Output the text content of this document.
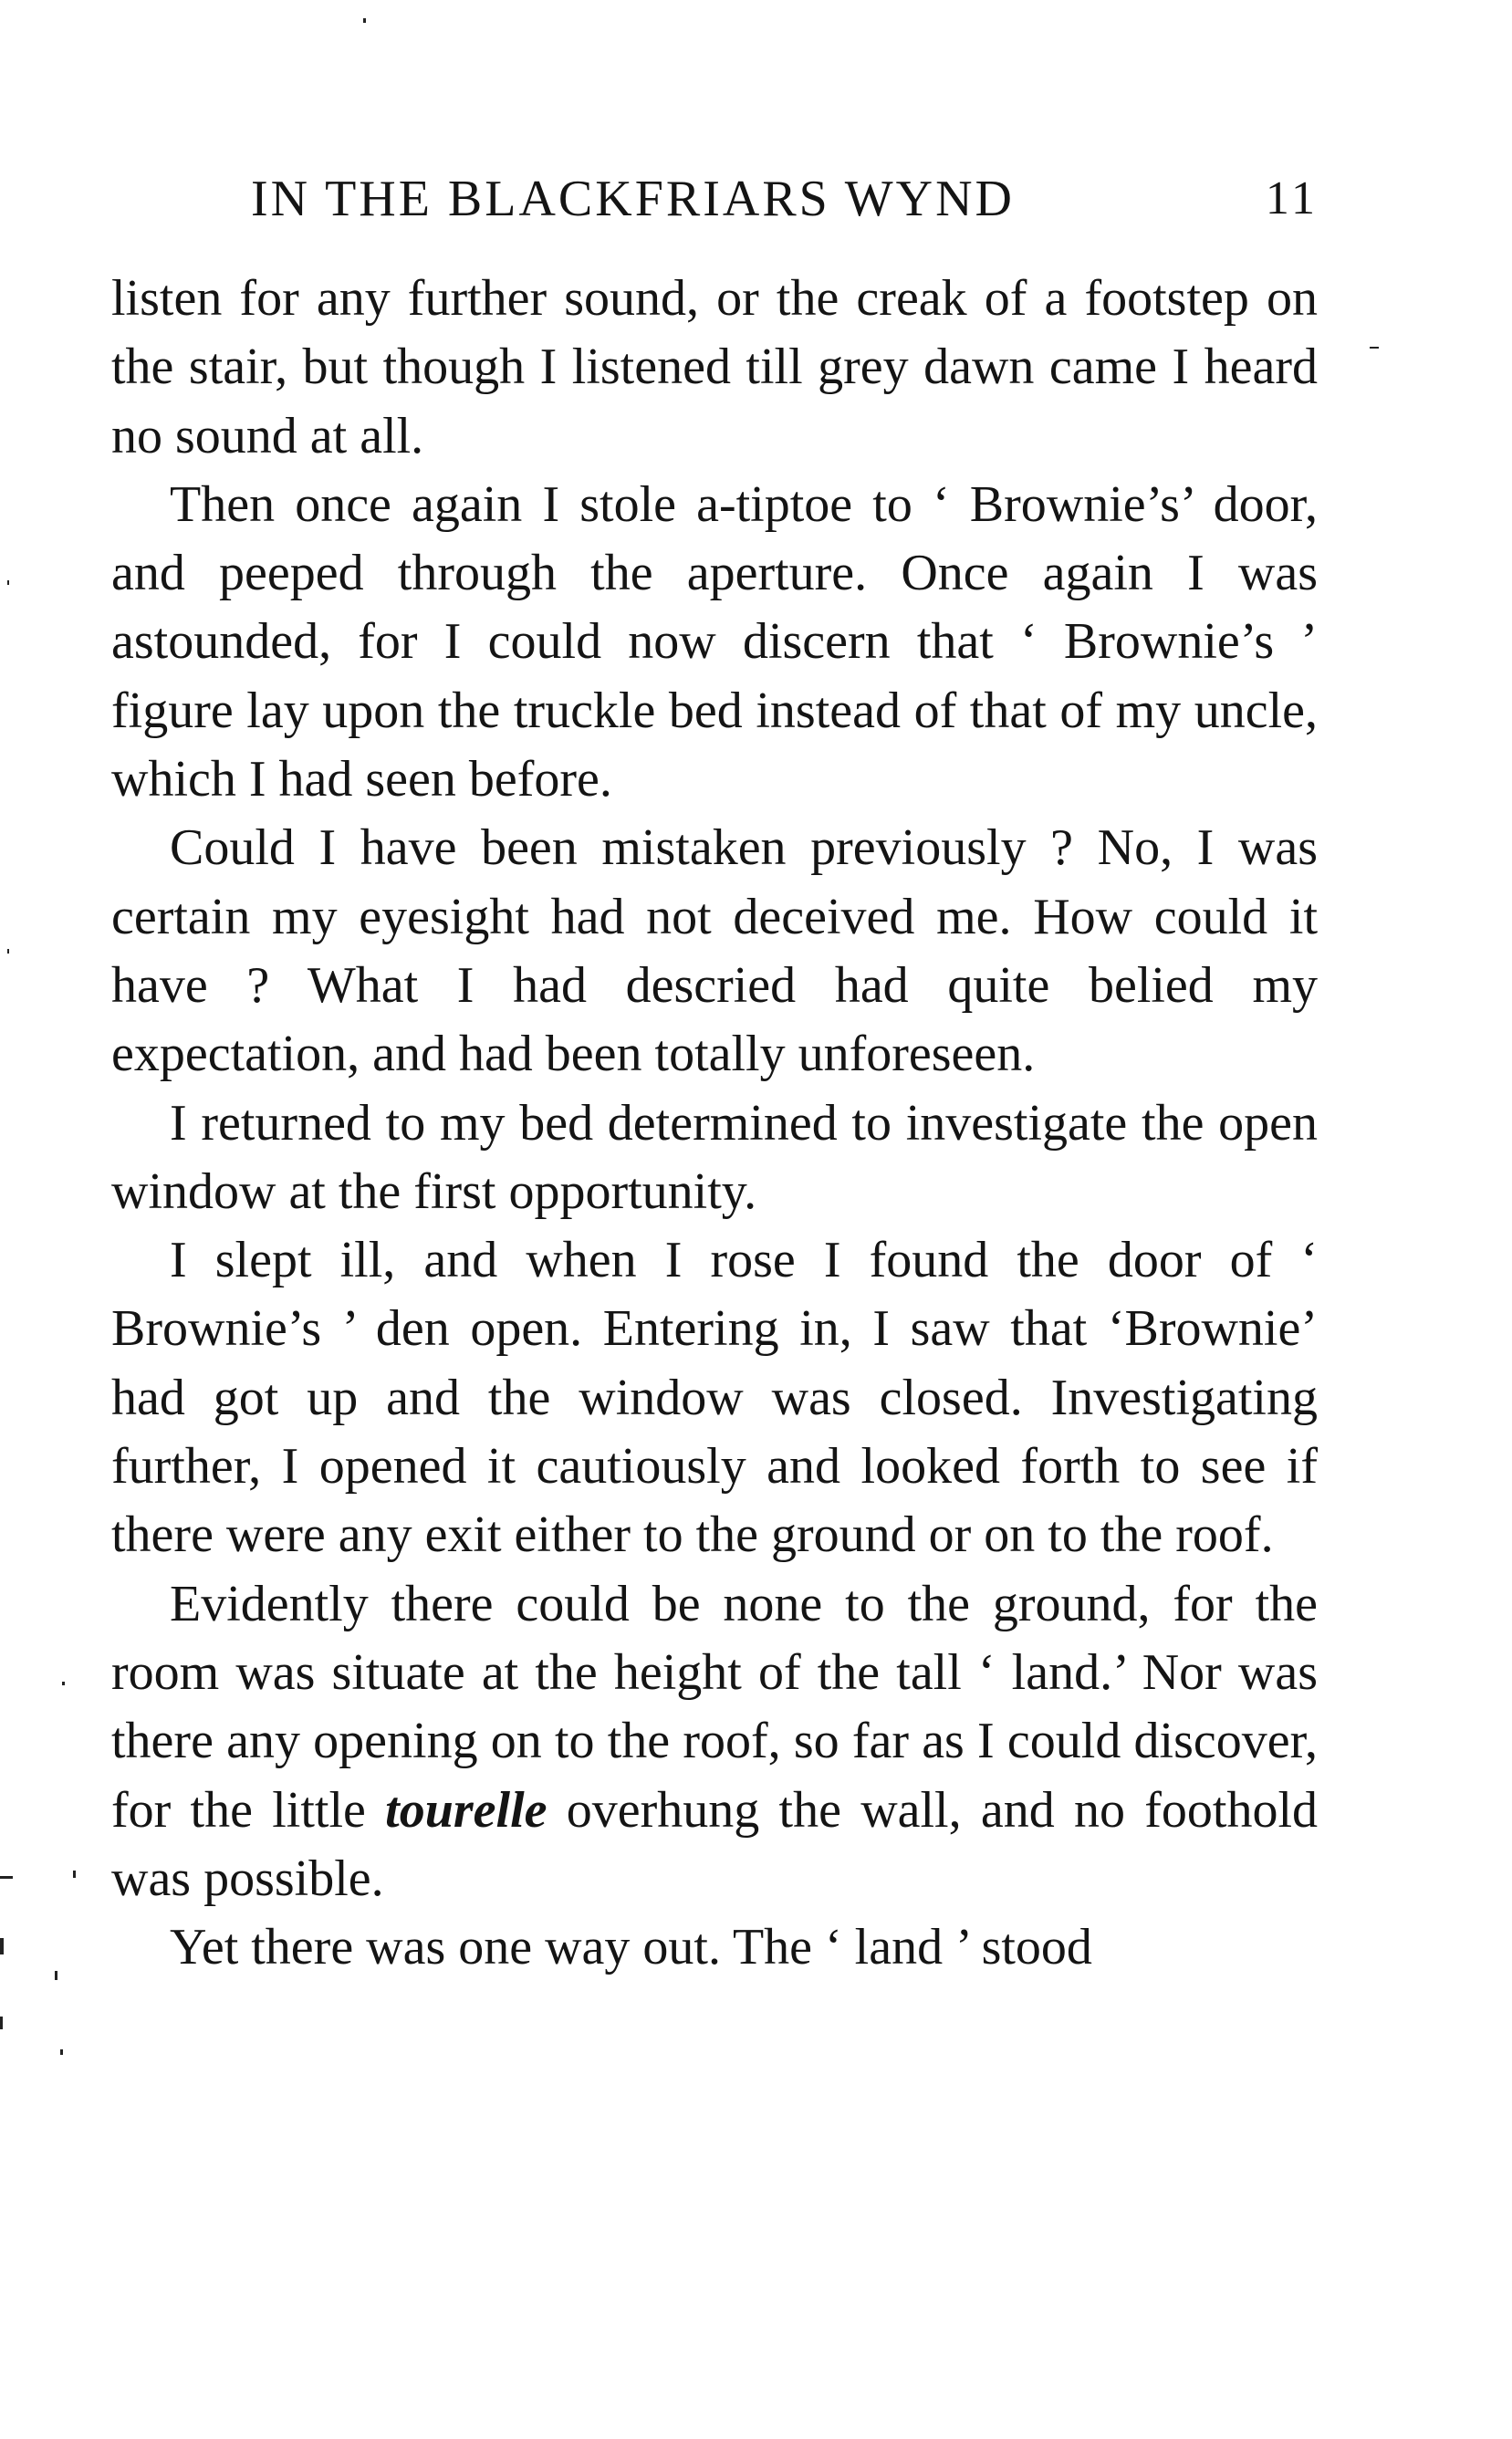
IN THE BLACKFRIARS WYND	11

listen for any further sound, or the creak of a footstep on the stair, but though I listened till grey dawn came I heard no sound at all.

Then once again I stole a-tiptoe to ‘ Brownie’s’ door, and peeped through the aperture. Once again I was astounded, for I could now discern that ‘ Brownie’s ’ figure lay upon the truckle bed instead of that of my uncle, which I had seen before.

Could I have been mistaken previously ? No, I was certain my eyesight had not deceived me. How could it have ? What I had descried had quite belied my expectation, and had been totally unforeseen.

I returned to my bed determined to investigate the open window at the first opportunity.

I slept ill, and when I rose I found the door of ‘ Brownie’s ’ den open. Entering in, I saw that ‘Brownie’ had got up and the window was closed. Investigating further, I opened it cautiously and looked forth to see if there were any exit either to the ground or on to the roof.

Evidently there could be none to the ground, for the room was situate at the height of the tall ‘ land.’ Nor was there any opening on to the roof, so far as I could discover, for the little tourelle overhung the wall, and no foothold was possible.

Yet there was one way out. The ‘ land ’ stood
